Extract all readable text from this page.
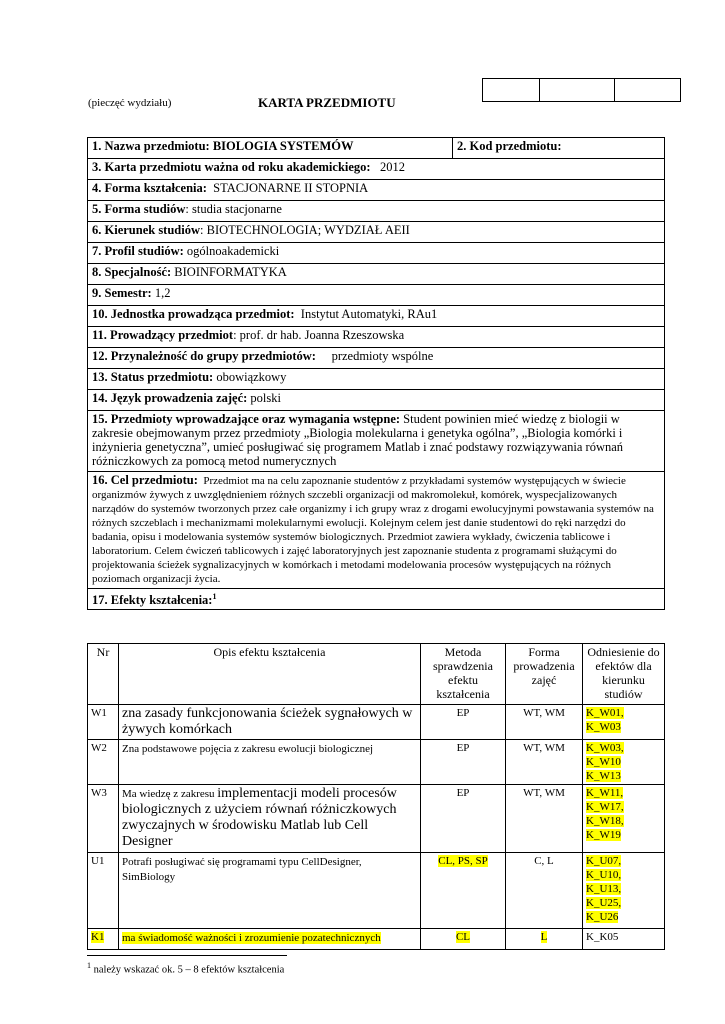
(pieczęć wydziału)	KARTA PRZEDMIOTU
1. Nazwa przedmiotu: BIOLOGIA SYSTEMÓW	2. Kod przedmiotu:
3. Karta przedmiotu ważna od roku akademickiego: 2012
4. Forma kształcenia: STACJONARNE II STOPNIA
5. Forma studiów: studia stacjonarne
6. Kierunek studiów: BIOTECHNOLOGIA; WYDZIAŁ AEII
7. Profil studiów: ogólnoakademicki
8. Specjalność: BIOINFORMATYKA
9. Semestr: 1,2
10. Jednostka prowadząca przedmiot: Instytut Automatyki, RAu1
11. Prowadzący przedmiot: prof. dr hab. Joanna Rzeszowska
12. Przynależność do grupy przedmiotów: przedmioty wspólne
13. Status przedmiotu: obowiązkowy
14. Język prowadzenia zajęć: polski
15. Przedmioty wprowadzające oraz wymagania wstępne: Student powinien mieć wiedzę z biologii w zakresie obejmowanym przez przedmioty „Biologia molekularna i genetyka ogólna”, „Biologia komórki i inżynieria genetyczna”, umieć posługiwać się programem Matlab i znać podstawy rozwiązywania równań różniczkowych za pomocą metod numerycznych
16. Cel przedmiotu: Przedmiot ma na celu zapoznanie studentów z przykładami systemów występujących w świecie organizmów żywych z uwzględnieniem różnych szczebli organizacji od makromolekuł, komórek, wyspecjalizowanych narządów do systemów tworzonych przez całe organizmy i ich grupy wraz z drogami ewolucyjnymi powstawania systemów na różnych szczeblach i mechanizmami molekularnymi ewolucji. Kolejnym celem jest danie studentowi do ręki narzędzi do badania, opisu i modelowania systemów systemów biologicznych. Przedmiot zawiera wykłady, ćwiczenia tablicowe i laboratorium. Celem ćwiczeń tablicowych i zajęć laboratoryjnych jest zapoznanie studenta z programami służącymi do projektowania ścieżek sygnalizacyjnych w komórkach i metodami modelowania procesów występujących na różnych poziomach organizacji życia.
17. Efekty kształcenia:$^1$
Nr	Opis efektu kształcenia	Metoda sprawdzenia efektu kształcenia	Forma prowadzenia zajęć	Odniesienie do efektów dla kierunku studiów
W1	zna zasady funkcjonowania ścieżek sygnałowych w żywych komórkach	EP	WT, WM	K_W01,
K_W03
W2	Zna podstawowe pojęcia z zakresu ewolucji biologicznej	EP	WT, WM	K_W03,
K_W10
K_W13
W3	Ma wiedzę z zakresu implementacji modeli procesów biologicznych z użyciem równań różniczkowych zwyczajnych w środowisku Matlab lub Cell Designer	EP	WT, WM	K_W11,
K_W17,
K_W18,
K_W19
U1	Potrafi posługiwać się programami typu CellDesigner, SimBiology	CL, PS, SP	C, L	K_U07,
K_U10,
K_U13,
K_U25,
K_U26
K1	ma świadomość ważności i zrozumienie pozatechnicznych	CL	L	K_K05
$^1$ należy wskazać ok. 5 – 8 efektów kształcenia
